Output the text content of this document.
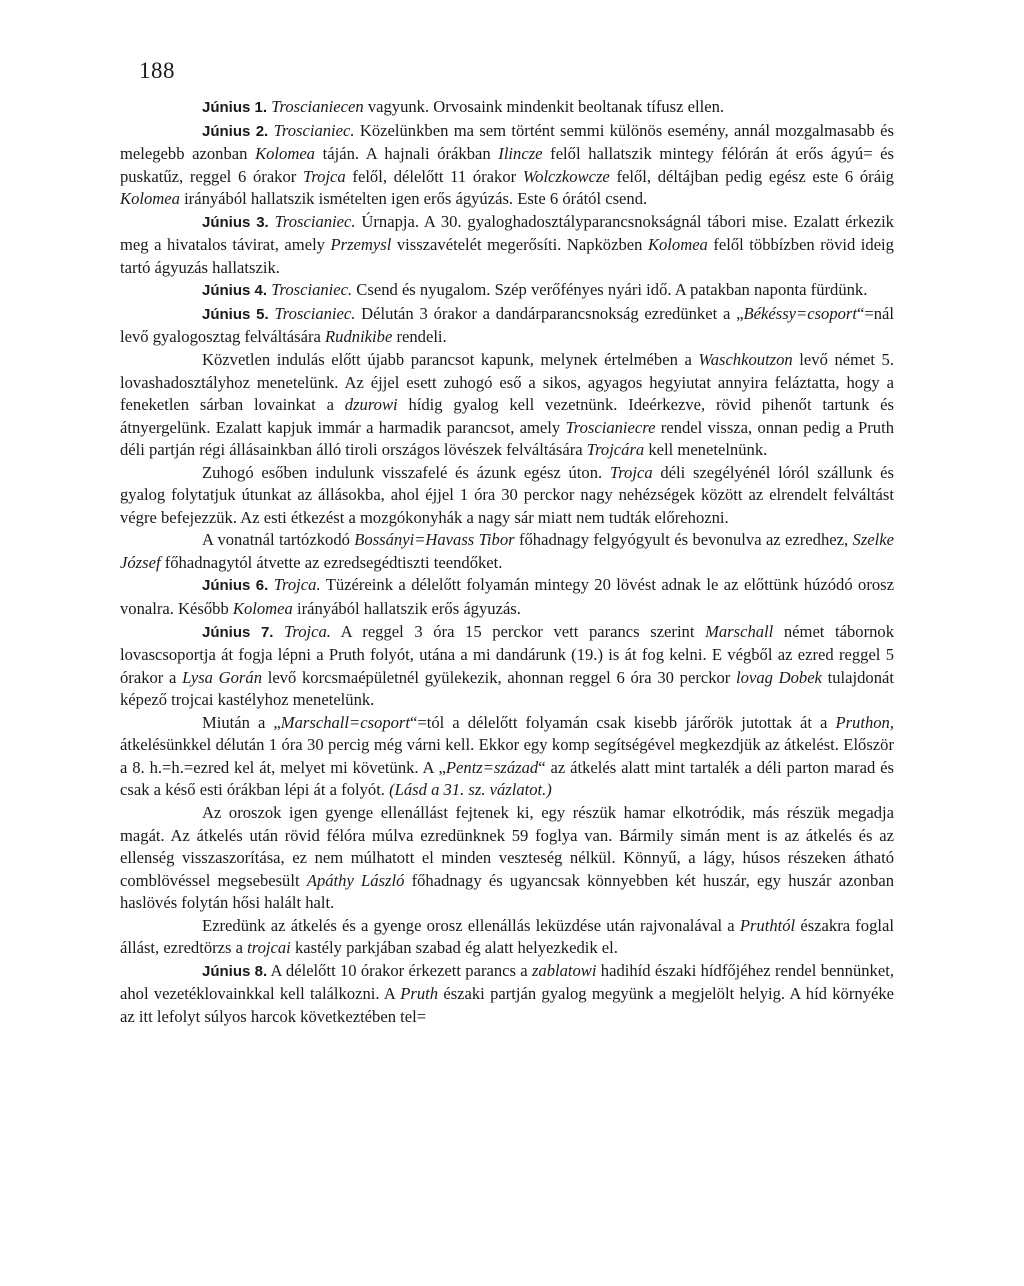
188

Június 1. Troscianiecen vagyunk. Orvosaink mindenkit beoltanak tífusz ellen.

Június 2. Troscianiec. Közelünkben ma sem történt semmi különös esemény, annál mozgalmasabb és melegebb azonban Kolomea táján. A hajnali órákban Ilincze felől hallatszik mintegy félórán át erős ágyú= és puskatűz, reggel 6 órakor Trojca felől, délelőtt 11 órakor Wolczkowcze felől, déltájban pedig egész este 6 óráig Kolomea irányából hallatszik ismételten igen erős ágyúzás. Este 6 órától csend.

Június 3. Troscianiec. Úrnapja. A 30. gyaloghadosztályparancsnokságnál tábori mise. Ezalatt érkezik meg a hivatalos távirat, amely Przemysl visszavételét megerősíti. Napközben Kolomea felől többízben rövid ideig tartó ágyuzás hallatszik.

Június 4. Troscianiec. Csend és nyugalom. Szép verőfényes nyári idő. A patakban naponta fürdünk.

Június 5. Troscianiec. Délután 3 órakor a dandárparancsnokság ezredünket a „Békéssy=csoport“=nál levő gyalogosztag felváltására Rudnikibe rendeli.

Közvetlen indulás előtt újabb parancsot kapunk, melynek értelmében a Waschkoutzon levő német 5. lovashadosztályhoz menetelünk. Az éjjel esett zuhogó eső a sikos, agyagos hegyiutat annyira feláztatta, hogy a feneketlen sárban lovainkat a dzurowi hídig gyalog kell vezetnünk. Ideérkezve, rövid pihenőt tartunk és átnyergelünk. Ezalatt kapjuk immár a harmadik parancsot, amely Troscianiecre rendel vissza, onnan pedig a Pruth déli partján régi állásainkban álló tiroli országos lövészek felváltására Trojcára kell menetelnünk.

Zuhogó esőben indulunk visszafelé és ázunk egész úton. Trojca déli szegélyénél lóról szállunk és gyalog folytatjuk útunkat az állásokba, ahol éjjel 1 óra 30 perckor nagy nehézségek között az elrendelt felváltást végre befejezzük. Az esti étkezést a mozgókonyhák a nagy sár miatt nem tudták előrehozni.

A vonatnál tartózkodó Bossányi=Havass Tibor főhadnagy felgyógyult és bevonulva az ezredhez, Szelke József főhadnagytól átvette az ezredsegédtiszti teendőket.

Június 6. Trojca. Tüzéreink a délelőtt folyamán mintegy 20 lövést adnak le az előttünk húzódó orosz vonalra. Később Kolomea irányából hallatszik erős ágyuzás.

Június 7. Trojca. A reggel 3 óra 15 perckor vett parancs szerint Marschall német tábornok lovascsoportja át fogja lépni a Pruth folyót, utána a mi dandárunk (19.) is át fog kelni. E végből az ezred reggel 5 órakor a Lysa Gorán levő korcsmaépületnél gyülekezik, ahonnan reggel 6 óra 30 perckor lovag Dobek tulajdonát képező trojcai kastélyhoz menetelünk.

Miután a „Marschall=csoport“=tól a délelőtt folyamán csak kisebb járőrök jutottak át a Pruthon, átkelésünkkel délután 1 óra 30 percig még várni kell. Ekkor egy komp segítségével megkezdjük az átkelést. Először a 8. h.=h.=ezred kel át, melyet mi követünk. A „Pentz=század“ az átkelés alatt mint tartalék a déli parton marad és csak a késő esti órákban lépi át a folyót. (Lásd a 31. sz. vázlatot.)

Az oroszok igen gyenge ellenállást fejtenek ki, egy részük hamar elkotródik, más részük megadja magát. Az átkelés után rövid félóra múlva ezredünknek 59 foglya van. Bármily simán ment is az átkelés és az ellenség visszaszorítása, ez nem múlhatott el minden veszteség nélkül. Könnyű, a lágy, húsos részeken átható comblövéssel megsebesült Apáthy László főhadnagy és ugyancsak könnyebben két huszár, egy huszár azonban haslövés folytán hősi halált halt.

Ezredünk az átkelés és a gyenge orosz ellenállás leküzdése után rajvonalával a Pruthtól északra foglal állást, ezredtörzs a trojcai kastély parkjában szabad ég alatt helyezkedik el.

Június 8. A délelőtt 10 órakor érkezett parancs a zablatowi hadihíd északi hídfőjéhez rendel bennünket, ahol vezetéklovainkkal kell találkozni. A Pruth északi partján gyalog megyünk a megjelölt helyig. A híd környéke az itt lefolyt súlyos harcok következtében tel=
